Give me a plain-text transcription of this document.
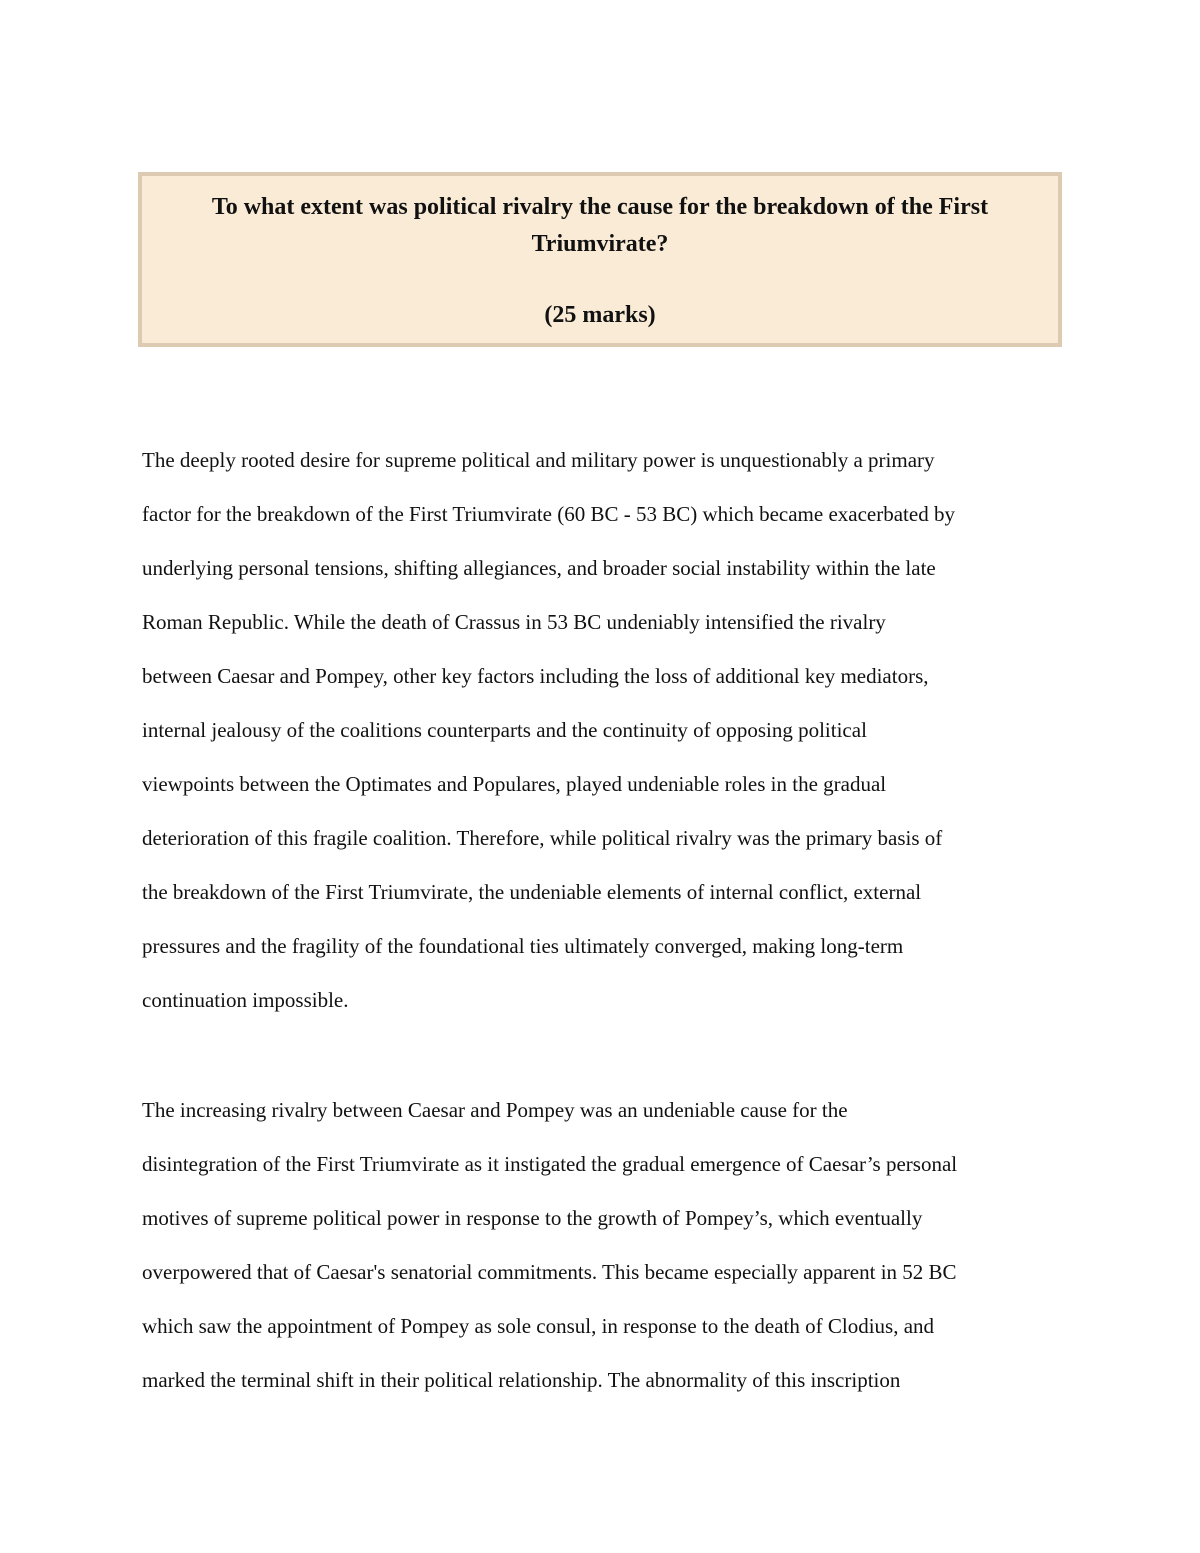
To what extent was political rivalry the cause for the breakdown of the First
Triumvirate?
(25 marks)
The deeply rooted desire for supreme political and military power is unquestionably a primary
factor for the breakdown of the First Triumvirate (60 BC - 53 BC) which became exacerbated by
underlying personal tensions, shifting allegiances, and broader social instability within the late
Roman Republic. While the death of Crassus in 53 BC undeniably intensified the rivalry
between Caesar and Pompey, other key factors including the loss of additional key mediators,
internal jealousy of the coalitions counterparts and the continuity of opposing political
viewpoints between the Optimates and Populares, played undeniable roles in the gradual
deterioration of this fragile coalition. Therefore, while political rivalry was the primary basis of
the breakdown of the First Triumvirate, the undeniable elements of internal conflict, external
pressures and the fragility of the foundational ties ultimately converged, making long-term
continuation impossible.
The increasing rivalry between Caesar and Pompey was an undeniable cause for the
disintegration of the First Triumvirate as it instigated the gradual emergence of Caesar’s personal
motives of supreme political power in response to the growth of Pompey’s, which eventually
overpowered that of Caesar's senatorial commitments. This became especially apparent in 52 BC
which saw the appointment of Pompey as sole consul, in response to the death of Clodius, and
marked the terminal shift in their political relationship. The abnormality of this inscription
